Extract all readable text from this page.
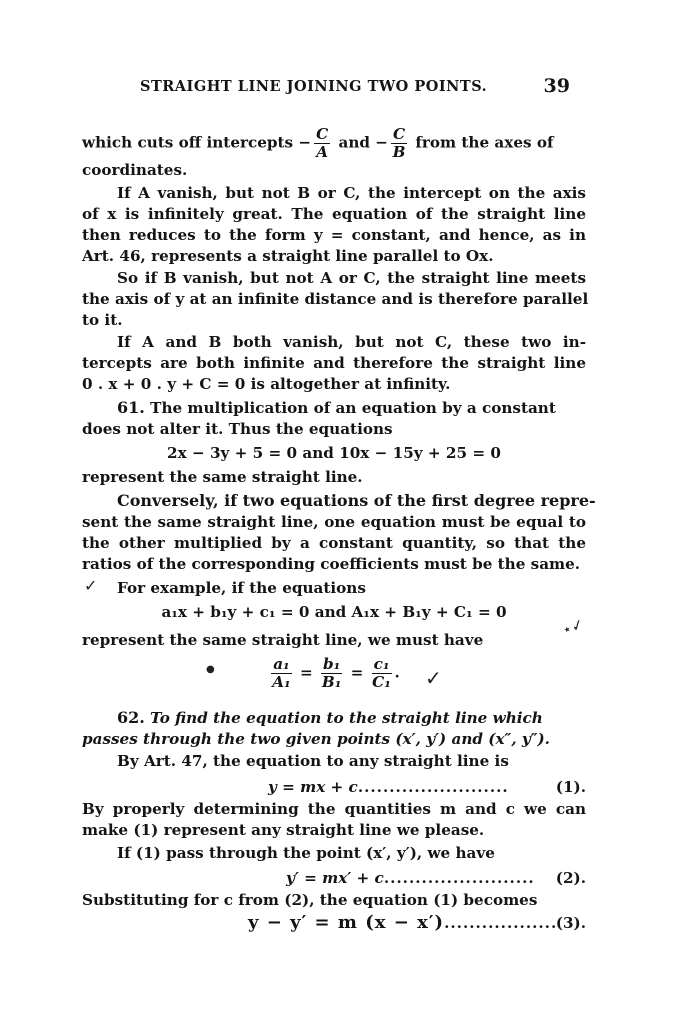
STRAIGHT LINE JOINING TWO POINTS.	39
which cuts off intercepts − $\frac{C}{A}$ and − $\frac{C}{B}$ from the axes of
coordinates.
If A vanish, but not B or C, the intercept on the axis
of x is infinitely great. The equation of the straight line
then reduces to the form y = constant, and hence, as in
Art. 46, represents a straight line parallel to Ox.
So if B vanish, but not A or C, the straight line meets
the axis of y at an infinite distance and is therefore parallel
to it.
If A and B both vanish, but not C, these two in-
tercepts are both infinite and therefore the straight line
0 . x + 0 . y + C = 0 is altogether at infinity.
61. The multiplication of an equation by a constant
does not alter it. Thus the equations
2x − 3y + 5 = 0 and 10x − 15y + 25 = 0
represent the same straight line.
Conversely, if two equations of the first degree repre-
sent the same straight line, one equation must be equal to
the other multiplied by a constant quantity, so that the
ratios of the corresponding coefficients must be the same.
✓ For example, if the equations
a₁x + b₁y + c₁ = 0 and A₁x + B₁y + C₁ = 0
represent the same straight line, we must have
⋆✓
$\frac{\text{a₁}}{\text{A₁}} = \frac{\text{b₁}}{\text{B₁}} = \frac{\text{c₁}}{\text{C₁}}$ .
●	✓
62. To find the equation to the straight line which
passes through the two given points (x′, y′) and (x″, y″).
By Art. 47, the equation to any straight line is
y = mx + c........................	(1).
By properly determining the quantities m and c we can
make (1) represent any straight line we please.
If (1) pass through the point (x′, y′), we have
y′ = mx′ + c........................ (2).
Substituting for c from (2), the equation (1) becomes
y − y′ = m (x − x′)..................
(3).
